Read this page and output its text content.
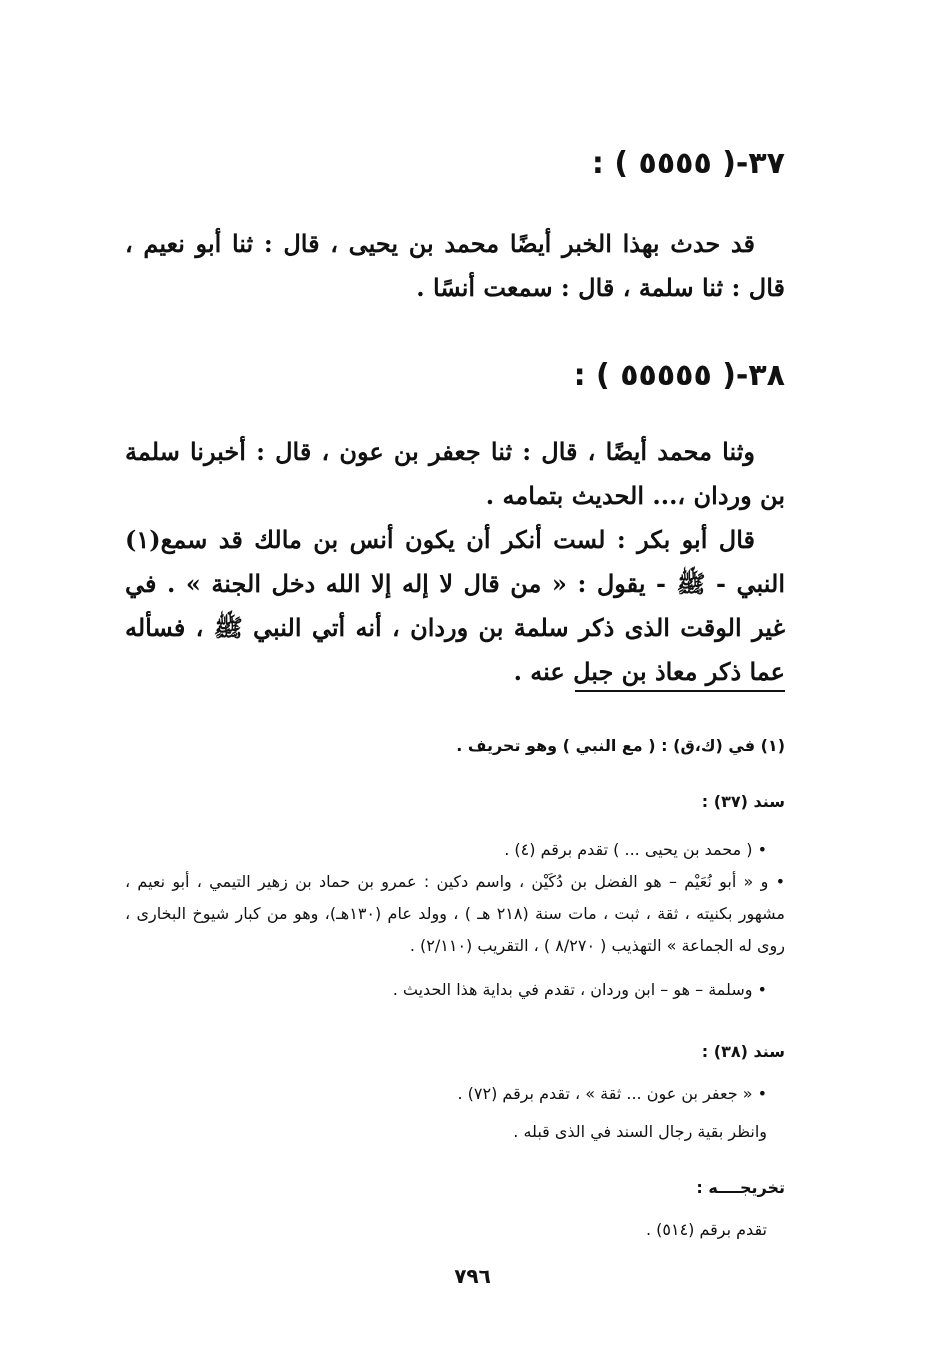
٣٧-( ٥٥٥٥ ) :

قد حدث بهذا الخبر أيضًا محمد بن يحيى ، قال : ثنا أبو نعيم ، قال : ثنا سلمة ، قال : سمعت أنسًا .

٣٨-( ٥٥٥٥٥ ) :

وثنا محمد أيضًا ، قال : ثنا جعفر بن عون ، قال : أخبرنا سلمة بن وردان ،... الحديث بتمامه .

قال أبو بكر : لست أنكر أن يكون أنس بن مالك قد سمع(١) النبي - ﷺ - يقول : « من قال لا إله إلا الله دخل الجنة » . في غير الوقت الذى ذكر سلمة بن وردان ، أنه أتي النبي ﷺ ، فسأله عما ذكر معاذ بن جبل عنه .

(١) في (ك،ق) : ( مع النبي ) وهو تحريف .
سند (٣٧) :
• ( محمد بن يحيى ... ) تقدم برقم (٤) .
• و « أبو نُعَيْم – هو الفضل بن دُكَيْن ، واسم دكين : عمرو بن حماد بن زهير التيمي ، أبو نعيم ، مشهور بكنيته ، ثقة ، ثبت ، مات سنة (٢١٨ هـ ) ، وولد عام (١٣٠هـ)، وهو من كبار شيوخ البخارى ، روى له الجماعة » التهذيب ( ٨/٢٧٠ ) ، التقريب (٢/١١٠) .
• وسلمة – هو – ابن وردان ، تقدم في بداية هذا الحديث .
سند (٣٨) :
• « جعفر بن عون ... ثقة » ، تقدم برقم (٧٢) .
وانظر بقية رجال السند في الذى قبله .
تخريجــــه :
تقدم برقم (٥١٤) .
٧٩٦
